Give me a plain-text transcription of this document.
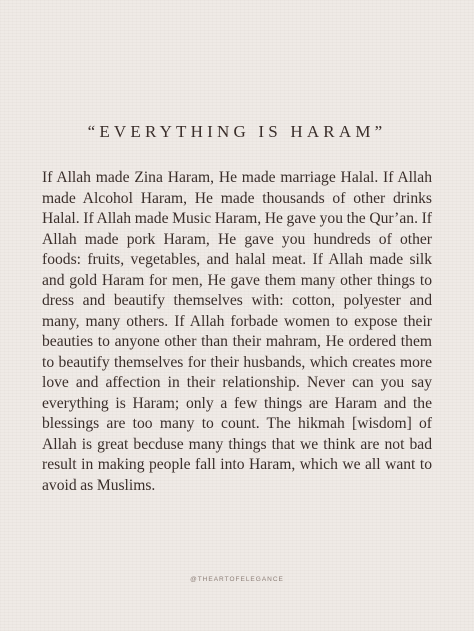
“EVERYTHING IS HARAM”

If Allah made Zina Haram, He made marriage Halal. If Allah made Alcohol Haram, He made thousands of other drinks Halal. If Allah made Music Haram, He gave you the Qur’an. If Allah made pork Haram, He gave you hundreds of other foods: fruits, vegetables, and halal meat. If Allah made silk and gold Haram for men, He gave them many other things to dress and beautify themselves with: cotton, polyester and many, many others. If Allah forbade women to expose their beauties to anyone other than their mahram, He ordered them to beautify themselves for their husbands, which creates more love and affection in their relationship. Never can you say everything is Haram; only a few things are Haram and the blessings are too many to count. The hikmah [wisdom] of Allah is great becduse many things that we think are not bad result in making people fall into Haram, which we all want to avoid as Muslims.

@THEARTOFELEGANCE
